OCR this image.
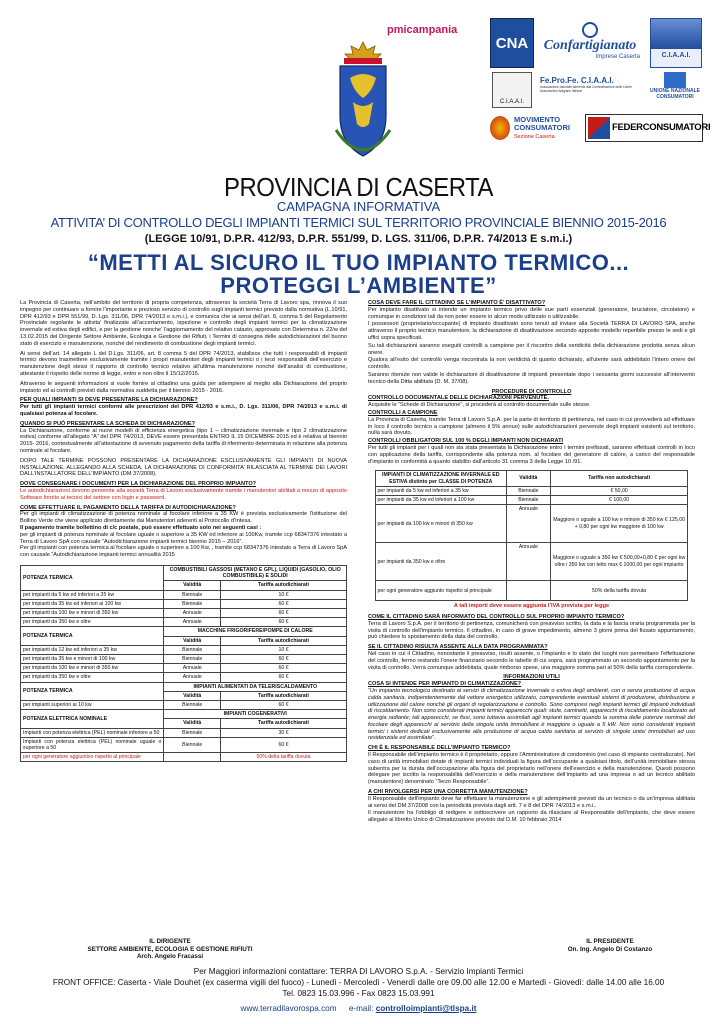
pmicampania
CNA	Confartigianato
Imprese Caserta	C.I.A.A.I.
C.I.A.A.I.
Fe.Pro.Fe. C.I.A.A.I.
Associazione datoriale aderente alla Confederazione delle Libere Associazioni Artigiane Italiane	UNIONE NAZIONALE CONSUMATORI
MOVIMENTO CONSUMATORI
Sezione Caserta
FEDERCONSUMATORI
PROVINCIA DI CASERTA
CAMPAGNA INFORMATIVA
ATTIVITA’ DI CONTROLLO DEGLI IMPIANTI TERMICI SUL TERRITORIO PROVINCIALE BIENNIO 2015-2016
(LEGGE 10/91, D.P.R. 412/93, D.P.R. 551/99, D. LGS. 311/06, D.P.R. 74/2013 E s.m.i.)
“METTI AL SICURO IL TUO IMPIANTO TERMICO...
PROTEGGI L’AMBIENTE”

La Provincia di Caserta, nell’ambito del territorio di propria competenza, attraverso la società Terra di Lavoro spa, rinnova il suo impegno per continuare a fornire l’importante e prezioso servizio di controllo sugli impianti termici previsto dalla normativa (L.10/91, DPR 412/93 e DPR 551/99, D. Lgs. 311/06, DPR 74/2013 e s.m.i.), e comunica che ai sensi dell’art. 8, comma 5 del Regolamento Provinciale regolante le attivita’ finalizzate all’accertamento, ispezione e controllo degli impianti termici per la climatizzazione invernale ed estiva degli edifici, e per la gestione nonche’ l’aggiornamento del relativo catasto, approvato con Determina n. 22/w del 13.02.2015 del Dirigente Settore Ambiente, Ecologia e Gestione dei Rifiuti, i Termini di consegna delle autodichiarazioni del buono stato di esercizio e manutenzione, nonché del rendimento di combustione degli impianti termici.

Ai sensi dell’art. 14 allegato L del D.Lgs. 311/06, art. 8 comma 5 del DPR 74/2013, stabilisce che tutti i responsabili di impianti termici devono trasmettere esclusivamente tramite i propri manutentori degli impianti termici o i terzi responsabili dell’esercizio e manutenzione degli stessi il rapporto di controllo tecnico relativo all’ultima manutenzione nonché dell’analisi di combustione, attestante il rispetto delle norme di legge, entro e non oltre il 15/12/2015.

Attraverso le seguenti informazioni si vuole fornire al cittadino una guida per adempiere al meglio alla Dichiarazione del proprio impianto ed ai controlli previsti dalla normativa suddetta per il biennio 2015 - 2016.

PER QUALI IMPIANTI SI DEVE PRESENTARE LA DICHIARAZIONE?

Per tutti gli impianti termici conformi alle prescrizioni del DPR 412/93 e s.m.i., D. Lgs. 311/06, DPR 74/2013 e s.m.i. di qualsiasi potenza al focolare.

QUANDO SI PUÒ PRESENTARE LA SCHEDA DI DICHIARAZIONE?

La Dichiarazione, conforme ai nuovi modelli di efficienza energetica (tipo 1 – climatizzazione invernale e tipo 2 climatizzazione estiva) conforme all’allegato “A” del DPR 74/2013, DEVE essere presentata ENTRO IL 15 DICEMBRE 2015 ed è relativa al biennio 2015- 2016, contestualmente all’attestazione di avvenuto pagamento della tariffa di riferimento determinata in relazione alla potenza nominale al focolare.

DOPO TALE TERMINE POSSONO PRESENTARE LA DICHIARAZIONE ESCLUSIVAMENTE GLI IMPIANTI DI NUOVA INSTALLAZIONE, ALLEGANDO ALLA SCHEDA, LA DICHIARAZIONE DI CONFORMITA’ RILASCIATA AL TERMINE DEI LAVORI DALL’INSTALLATORE DELL’IMPIANTO (DM 37/2008).

DOVE CONSEGNARE I DOCUMENTI PER LA DICHIARAZIONE DEL PROPRIO IMPIANTO?

Le autodichiarazioni devono pervenire alla società Terra di Lavoro esclusivamente tramite i manutentori abilitati a mezzo di apposito Software fornito ai tecnici del settore con login e password.

COME EFFETTUARE IL PAGAMENTO DELLA TARIFFA DI AUTODICHIARAZIONE?

Per gli impianti di climatizzazione di potenza nominale al focolare inferiore a 35 KW è prevista esclusivamente l’istituzione del Bollino Verde che viene applicato direttamente dai Manutentori aderenti al Protocollo d’Intesa.

Il pagamento tramite bollettino di c/c postale, può essere effettuato solo nei seguenti casi :

per gli impianti di potenza nominale al focolare uguale o superiore a 35 KW ed inferiore ai 100Kw, tramite ccp 68347376 intestato a Terra di Lavoro SpA con causale “Autodichiarazione impianti termici biennio 2015 – 2016”.

Per gli impianti con potenza termica al focolare uguale o superiore a 100 Kw, , tramite ccp 68347376 intestato a Terra di Lavoro SpA con causale “Autodichiarazione impianti termici annualità 2015

POTENZA TERMICA	COMBUSTIBILI GASSOSI (METANO E GPL), LIQUIDI (GASOLIO, OLIO COMBUSTIBILE) E SOLIDI	
	Validità	Tariffa autodichiarati
per impianti da 5 kw ed inferiori a 35 kw	Biennale	10 €
per impianti da 35 kw ed inferiori ai 100 kw	Biennale	60 €
per impianti da 100 kw e minori di 350 kw	Annuale	60 €
per impianti da 350 kw e oltre	Annuale	60 €
POTENZA TERMICA	MACCHINE FRIGORIFERE/POMPE DI CALORE	
	Validità	Tariffa autodichiarati
per impianti da 12 kw ed inferiori a 35 kw	Biennale	10 €
per impianti da 35 kw e minori di 100 kw	Biennale	60 €
per impianti da 100 kw e minori di 350 kw	Annuale	60 €
per impianti da 350 kw e oltre	Annuale	60 €
POTENZA TERMICA	IMPIANTI ALIMENTATI DA TELERISCALDAMENTO	
	Validità	Tariffa autodichiarati
per impianti superiori ai 10 kw	Biennale	60 €
POTENZA ELETTRICA NOMINALE	IMPIANTI COGENERATIVI	
	Validità	Tariffa autodichiarati
Impianti con potenza elettrica (PEL) nominale inferiore a 50	Biennale	30 €
Impianti con potenza elettrica (PEL) nominale uguale o superiore a 50	Biennale	60 €
per ogni generatore aggiuntivo rispetto al principale		50% della tariffa dovuta
COSA DEVE FARE IL CITTADINO SE L’IMPIANTO È’ DISATTIVATO?

Per impianto disattivato si intende un impianto termico privo delle sue parti essenziali (generatore, bruciatore, circolatore) e comunque in condizioni tali da non poter essere in alcun modo utilizzato o utilizzabile.

I possessori (proprietario/occupante) di impianto disattivato sono tenuti ad inviare alla Società TERRA DI LAVORO SPA, anche attraverso il proprio tecnico manutentore, la dichiarazione di disattivazione secondo apposito modello reperibile presso le sedi e gli uffici sopra specificati.

Su tali dichiarazioni saranno eseguiti controlli a campione per il riscontro della veridicità della dichiarazione prodotta senza alcun onere.

Qualora all’esito del controllo venga riscontrata la non veridicità di quanto dichiarato, all’utente sarà addebitato l’intero onere del controllo.

Saranno ritenute non valide le dichiarazioni di disattivazione di impianti presentate dopo i sessanta giorni successivi all’intervento tecnico della Ditta abilitata (D. M. 37/08).

PROCEDURE DI CONTROLLO
CONTROLLO DOCUMENTALE DELLE DICHIARAZIONI PERVENUTE.

Acquisite le “Schede di Dichiarazione”, si procederà al controllo documentale sulle stesse.

CONTROLLI A CAMPIONE

La Provincia di Caserta, tramite Terra di Lavoro S.p.A. per la parte di territorio di pertinenza, nel caso in cui provvederà ad effettuare in loco il controllo tecnico a campione (almeno il 5% annuo) sulle autodichiarazioni pervenute degli impianti esistenti sul territorio, nulla sarà dovuto.

CONTROLLI OBBLIGATORI SUL 100 % DEGLI IMPIANTI NON DICHIARATI

Per tutti gli impianti per i quali non sia stata presentata la Dichiarazione entro i termini prefissati, saranno effettuati controlli in loco con applicazione della tariffa, corrispondente alla potenza nom. al focolare del generatore di calore, a carico del responsabile d’impianto in conformità a quanto stabilito dall’articolo 31 comma 3 della Legge 10 /91.

IMPIANTI DI CLIMATIZZAZIONE INVERNALE ED ESTIVA distinto per CLASSE DI POTENZA	Validità	Tariffa non autodichiarati
per impianti da 5 kw ed inferiori a 35 kw	Biennale	€ 50,00
per impianti da 35 kw ed inferiori a 100 kw	Biennale	€ 100,00
per impianti da 100 kw e minori di 350 kw	Annuale	Maggiore o uguale a 100 kw e minore di 350 kw € 125,00 + 0,80 per ogni kw maggiore di 100 kw
per impianti da 350 kw e oltre	Annuale	Maggiore o uguale a 350 kw € 500,00+0,80 € per ogni kw oltre i 350 kw con tetto max € 1000,00 per ogni impianto
per ogni generatore aggiunto rispetto al principale		50% della tariffa dovuta
A tali importi deve essere aggiunta l’IVA prevista per legge
COME IL CITTADINO SARÀ INFORMATO DEL CONTROLLO SUL PROPRIO IMPIANTO TERMICO?

Terra di Lavoro S.p.A. per il territorio di pertinenza, comunicherà con preavviso scritto, la data e la fascia oraria programmata per la visita di controllo dell’impianto termico. Il cittadino, in caso di grave impedimento, almeno 3 giorni prima del fissato appuntamento, può chiedere lo spostamento della data del controllo.

SE IL CITTADINO RISULTA ASSENTE ALLA DATA PROGRAMMATA?

Nel caso in cui il Cittadino, nonostante il preavviso, risulti assente, o l’impianto e lo stato dei luoghi non permettano l’effettuazione del controllo, fermo restando l’onere finanziario secondo le tabelle di cui sopra, sarà programmato un secondo appuntamento per la visita di controllo. Verrà comunque addebitata, quale rimborso spese, una maggiore somma pari al 50% della tariffa corrispondente.

INFORMAZIONI UTILI
COSA SI INTENDE PER IMPIANTO DI CLIMATIZZAZIONE?

“Un impianto tecnologico destinato ai servizi di climatizzazione invernale o estiva degli ambienti, con o senza produzione di acqua calda sanitaria, indipendentemente dal vettore energetico utilizzato, comprendente eventuali sistemi di produzione, distribuzione e utilizzazione del calore nonché gli organi di regolarizzazione e controllo. Sono compresi negli impianti termici gli impianti individuali di riscaldamento. Non sono considerati impianti termici apparecchi quali: stufe, caminetti, apparecchi di riscaldamento localizzato ad energia radiante; tali apparecchi, se fissi, sono tuttavia assimilati agli impianti termici quando la somma delle potenze nominali del focolare degli apparecchi al servizio della singola unità immobiliare è maggiore o uguale a 5 kW. Non sono considerati impianti termici i sistemi dedicati esclusivamente alla produzione di acqua calda sanitaria al servizio di singole unita’ immobiliari ad uso residenziale ed assimilate”.

CHI È IL RESPONSABILE DELL’IMPIANTO TERMICO?

Il Responsabile dell’impianto termico è il proprietario, oppure l’Amministratore di condominio (nel caso di impianto centralizzato). Nel caso di unità immobiliari dotate di impianti termici individuali la figura dell’occupante a qualsiasi titolo, dell’unità immobiliare stessa subentra per la durata dell’occupazione alla figura del proprietario nell’onere dell’esercizio e della manutenzione. Questi possono delegare per iscritto la responsabilità dell’esercizio e della manutenzione dell’impianto ad una impresa o ad un tecnico abilitato (manutentore) denominato “Terzo Responsabile”.

A CHI RIVOLGERSI PER UNA CORRETTA MANUTENZIONE?

Il Responsabile dell’impianto deve far effettuare la manutenzione e gli adempimenti previsti da un tecnico o da un’impresa abilitata ai sensi del DM 37/2008 con la periodicità prevista dagli artt. 7 e 8 del DPR 74/2013 e s.m.i..

Il manutentore ha l’obbligo di redigere e sottoscrivere un rapporto da rilasciare al Responsabile dell’impianto, che deve essere allegato al libretto Unico di Climatizzazione previsto dal D.M. 10 febbraio 2014

IL DIRIGENTE
SETTORE AMBIENTE, ECOLOGIA E GESTIONE RIFIUTI
Arch. Angelo Fracassi
IL PRESIDENTE
On. Ing. Angelo Di Costanzo
Per Maggiori informazioni contattare: TERRA DI LAVORO S.p.A. - Servizio Impianti Termici
FRONT OFFICE: Caserta - Viale Douhet (ex caserma vigili del fuoco) - Lunedì - Mercoledì - Venerdì dalle ore 09.00 alle 12.00 e Martedì - Giovedì: dalle 14.00 alle 16.00
Tel. 0823 15.03.996 - Fax 0823 15.03.991
www.terradilavorospa.com e-mail: controlloimpianti@tlspa.it
